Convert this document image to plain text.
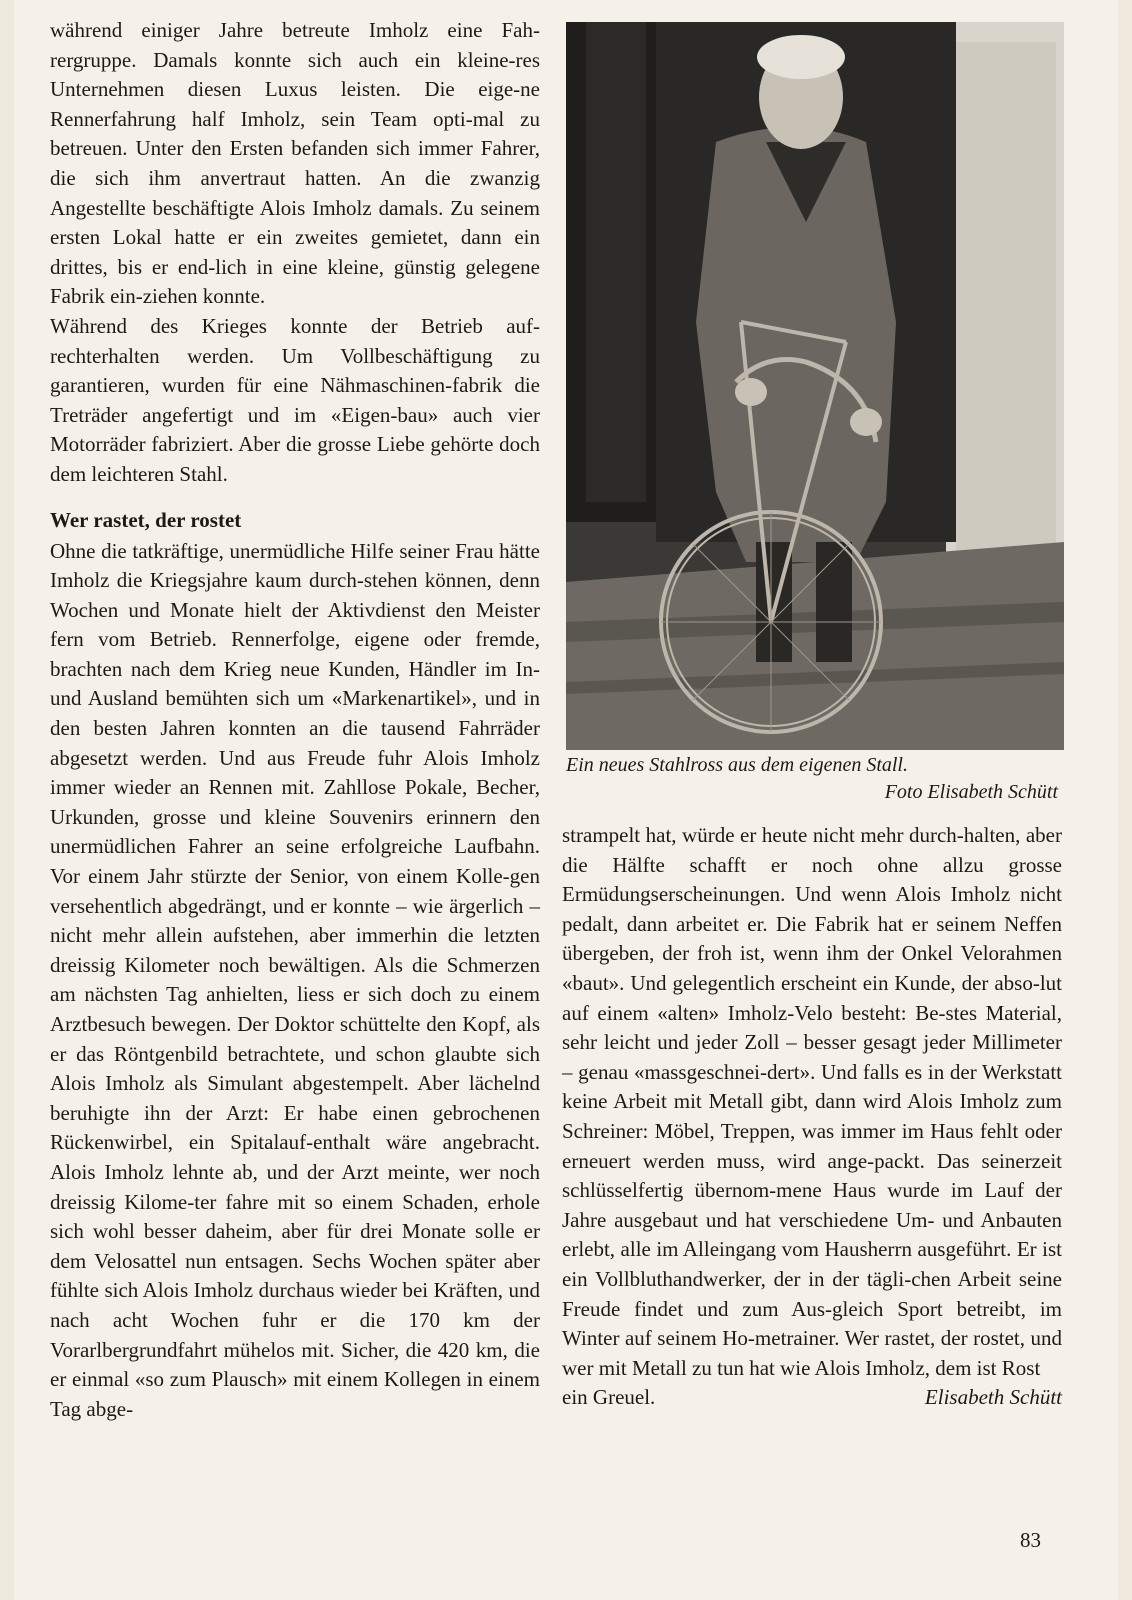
während einiger Jahre betreute Imholz eine Fah-rergruppe. Damals konnte sich auch ein kleine-res Unternehmen diesen Luxus leisten. Die eige-ne Rennerfahrung half Imholz, sein Team opti-mal zu betreuen. Unter den Ersten befanden sich immer Fahrer, die sich ihm anvertraut hatten. An die zwanzig Angestellte beschäftigte Alois Imholz damals. Zu seinem ersten Lokal hatte er ein zweites gemietet, dann ein drittes, bis er end-lich in eine kleine, günstig gelegene Fabrik ein-ziehen konnte.

Während des Krieges konnte der Betrieb auf-rechterhalten werden. Um Vollbeschäftigung zu garantieren, wurden für eine Nähmaschinen-fabrik die Treträder angefertigt und im «Eigen-bau» auch vier Motorräder fabriziert. Aber die grosse Liebe gehörte doch dem leichteren Stahl.

Wer rastet, der rostet

Ohne die tatkräftige, unermüdliche Hilfe seiner Frau hätte Imholz die Kriegsjahre kaum durch-stehen können, denn Wochen und Monate hielt der Aktivdienst den Meister fern vom Betrieb. Rennerfolge, eigene oder fremde, brachten nach dem Krieg neue Kunden, Händler im In- und Ausland bemühten sich um «Markenartikel», und in den besten Jahren konnten an die tausend Fahrräder abgesetzt werden. Und aus Freude fuhr Alois Imholz immer wieder an Rennen mit. Zahllose Pokale, Becher, Urkunden, grosse und kleine Souvenirs erinnern den unermüdlichen Fahrer an seine erfolgreiche Laufbahn. Vor einem Jahr stürzte der Senior, von einem Kolle-gen versehentlich abgedrängt, und er konnte – wie ärgerlich – nicht mehr allein aufstehen, aber immerhin die letzten dreissig Kilometer noch bewältigen. Als die Schmerzen am nächsten Tag anhielten, liess er sich doch zu einem Arztbesuch bewegen. Der Doktor schüttelte den Kopf, als er das Röntgenbild betrachtete, und schon glaubte sich Alois Imholz als Simulant abgestempelt. Aber lächelnd beruhigte ihn der Arzt: Er habe einen gebrochenen Rückenwirbel, ein Spitalauf-enthalt wäre angebracht. Alois Imholz lehnte ab, und der Arzt meinte, wer noch dreissig Kilome-ter fahre mit so einem Schaden, erhole sich wohl besser daheim, aber für drei Monate solle er dem Velosattel nun entsagen. Sechs Wochen später aber fühlte sich Alois Imholz durchaus wieder bei Kräften, und nach acht Wochen fuhr er die 170 km der Vorarlbergrundfahrt mühelos mit. Sicher, die 420 km, die er einmal «so zum Plausch» mit einem Kollegen in einem Tag abge-

Ein neues Stahlross aus dem eigenen Stall.
Foto Elisabeth Schütt

strampelt hat, würde er heute nicht mehr durch-halten, aber die Hälfte schafft er noch ohne allzu grosse Ermüdungserscheinungen. Und wenn Alois Imholz nicht pedalt, dann arbeitet er. Die Fabrik hat er seinem Neffen übergeben, der froh ist, wenn ihm der Onkel Velorahmen «baut». Und gelegentlich erscheint ein Kunde, der abso-lut auf einem «alten» Imholz-Velo besteht: Be-stes Material, sehr leicht und jeder Zoll – besser gesagt jeder Millimeter – genau «massgeschnei-dert». Und falls es in der Werkstatt keine Arbeit mit Metall gibt, dann wird Alois Imholz zum Schreiner: Möbel, Treppen, was immer im Haus fehlt oder erneuert werden muss, wird ange-packt. Das seinerzeit schlüsselfertig übernom-mene Haus wurde im Lauf der Jahre ausgebaut und hat verschiedene Um- und Anbauten erlebt, alle im Alleingang vom Hausherrn ausgeführt. Er ist ein Vollbluthandwerker, der in der tägli-chen Arbeit seine Freude findet und zum Aus-gleich Sport betreibt, im Winter auf seinem Ho-metrainer. Wer rastet, der rostet, und wer mit Metall zu tun hat wie Alois Imholz, dem ist Rost

ein Greuel.	Elisabeth Schütt

83
